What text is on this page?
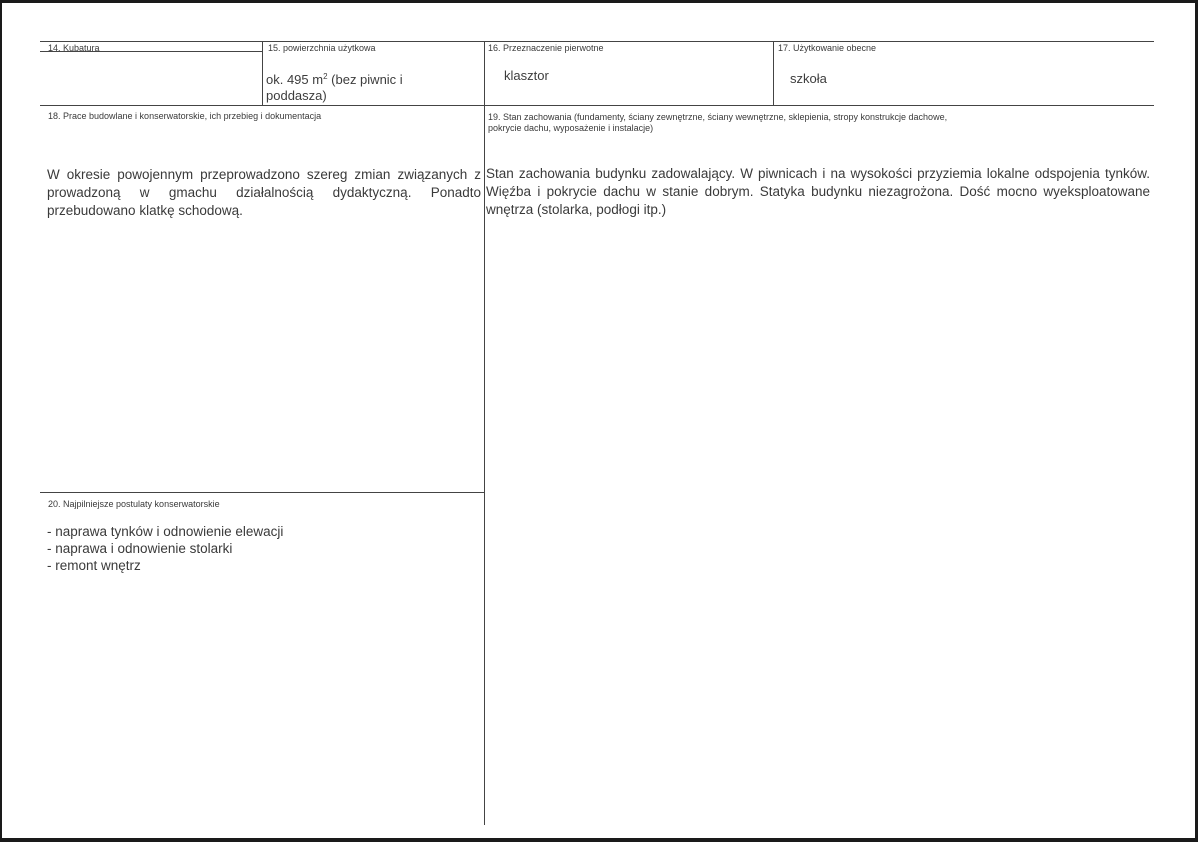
14. Kubatura	15. powierzchnia użytkowa
ok. 495 $m^2$ (bez piwnic i poddasza)
16. Przeznaczenie pierwotne
klasztor
17. Użytkowanie obecne
szkoła
18. Prace budowlane i konserwatorskie, ich przebieg i dokumentacja
W okresie powojennym przeprowadzono szereg zmian związanych z prowadzoną w gmachu działalnością dydaktyczną. Ponadto przebudowano klatkę schodową.
19. Stan zachowania (fundamenty, ściany zewnętrzne, ściany wewnętrzne, sklepienia, stropy konstrukcje dachowe, pokrycie dachu, wyposażenie i instalacje)
Stan zachowania budynku zadowalający. W piwnicach i na wysokości przyziemia lokalne odspojenia tynków. Więźba i pokrycie dachu w stanie dobrym. Statyka budynku niezagrożona. Dość mocno wyeksploatowane wnętrza (stolarka, podłogi itp.)
20. Najpilniejsze postulaty konserwatorskie
- naprawa tynków i odnowienie elewacji
- naprawa i odnowienie stolarki
- remont wnętrz
